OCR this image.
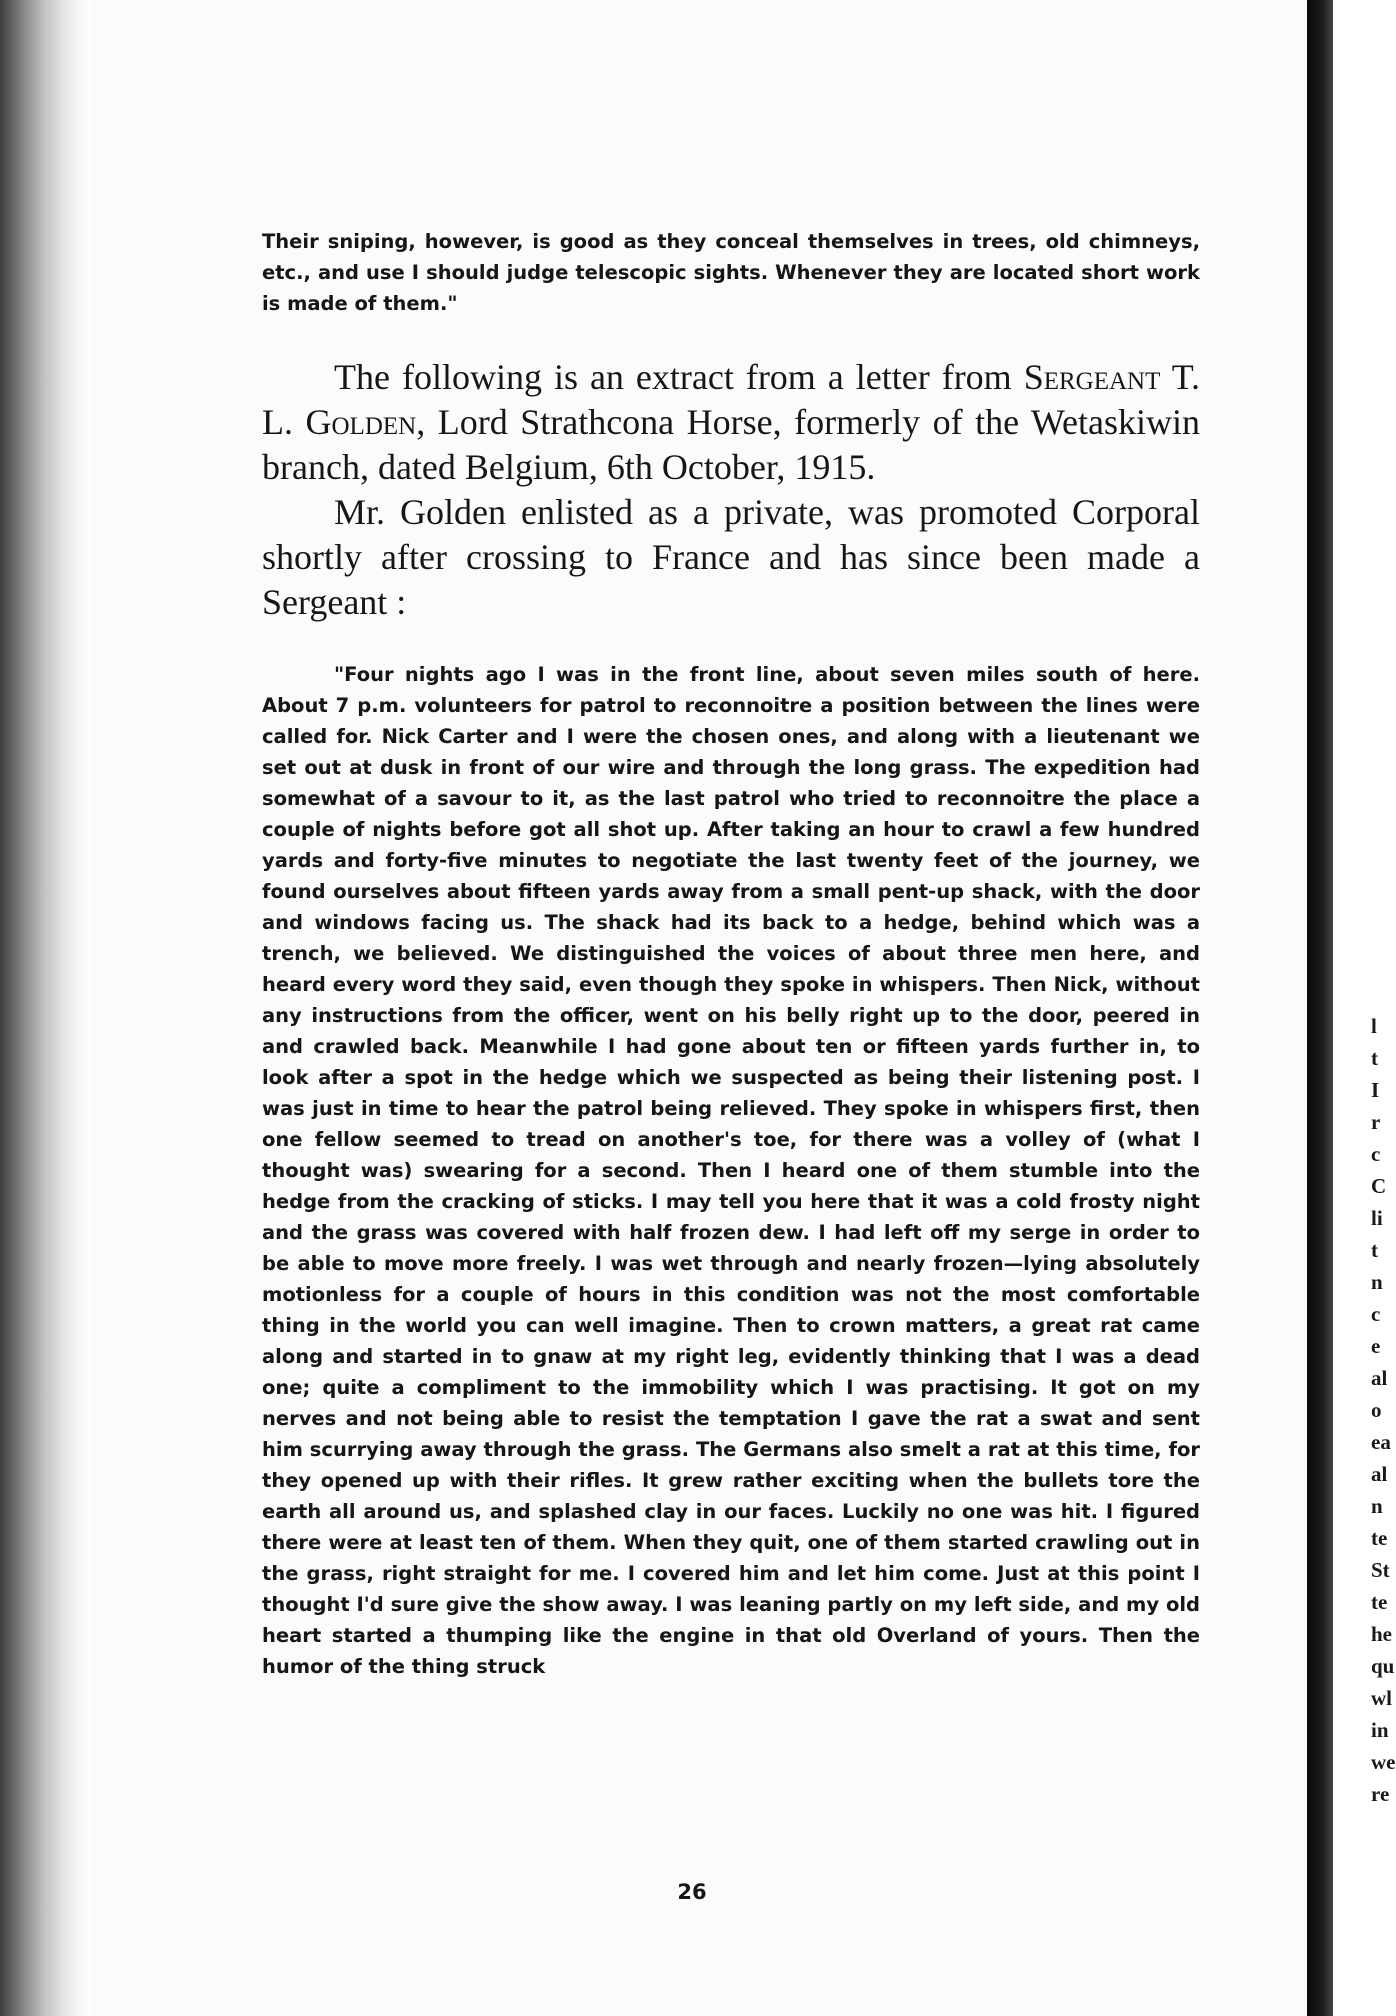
l
t
I
r
c
C
li
t
n
c
e
al
o
ea
al
n
te
St
te
he
qu
wl
in
we
re

Their sniping, however, is good as they conceal themselves in trees, old chimneys, etc., and use I should judge telescopic sights. Whenever they are located short work is made of them."

The following is an extract from a letter from Sergeant T. L. Golden, Lord Strathcona Horse, formerly of the Wetaskiwin branch, dated Belgium, 6th October, 1915.

Mr. Golden enlisted as a private, was promoted Corporal shortly after crossing to France and has since been made a Sergeant :

"Four nights ago I was in the front line, about seven miles south of here. About 7 p.m. volunteers for patrol to reconnoitre a position between the lines were called for. Nick Carter and I were the chosen ones, and along with a lieutenant we set out at dusk in front of our wire and through the long grass. The expedition had somewhat of a savour to it, as the last patrol who tried to reconnoitre the place a couple of nights before got all shot up. After taking an hour to crawl a few hundred yards and forty-five minutes to negotiate the last twenty feet of the journey, we found ourselves about fifteen yards away from a small pent-up shack, with the door and windows facing us. The shack had its back to a hedge, behind which was a trench, we believed. We distinguished the voices of about three men here, and heard every word they said, even though they spoke in whispers. Then Nick, without any instructions from the officer, went on his belly right up to the door, peered in and crawled back. Meanwhile I had gone about ten or fifteen yards further in, to look after a spot in the hedge which we suspected as being their listening post. I was just in time to hear the patrol being relieved. They spoke in whispers first, then one fellow seemed to tread on another's toe, for there was a volley of (what I thought was) swearing for a second. Then I heard one of them stumble into the hedge from the cracking of sticks. I may tell you here that it was a cold frosty night and the grass was covered with half frozen dew. I had left off my serge in order to be able to move more freely. I was wet through and nearly frozen—lying absolutely motionless for a couple of hours in this condition was not the most comfortable thing in the world you can well imagine. Then to crown matters, a great rat came along and started in to gnaw at my right leg, evidently thinking that I was a dead one; quite a compliment to the immobility which I was practising. It got on my nerves and not being able to resist the temptation I gave the rat a swat and sent him scurrying away through the grass. The Germans also smelt a rat at this time, for they opened up with their rifles. It grew rather exciting when the bullets tore the earth all around us, and splashed clay in our faces. Luckily no one was hit. I figured there were at least ten of them. When they quit, one of them started crawling out in the grass, right straight for me. I covered him and let him come. Just at this point I thought I'd sure give the show away. I was leaning partly on my left side, and my old heart started a thumping like the engine in that old Overland of yours. Then the humor of the thing struck

26
